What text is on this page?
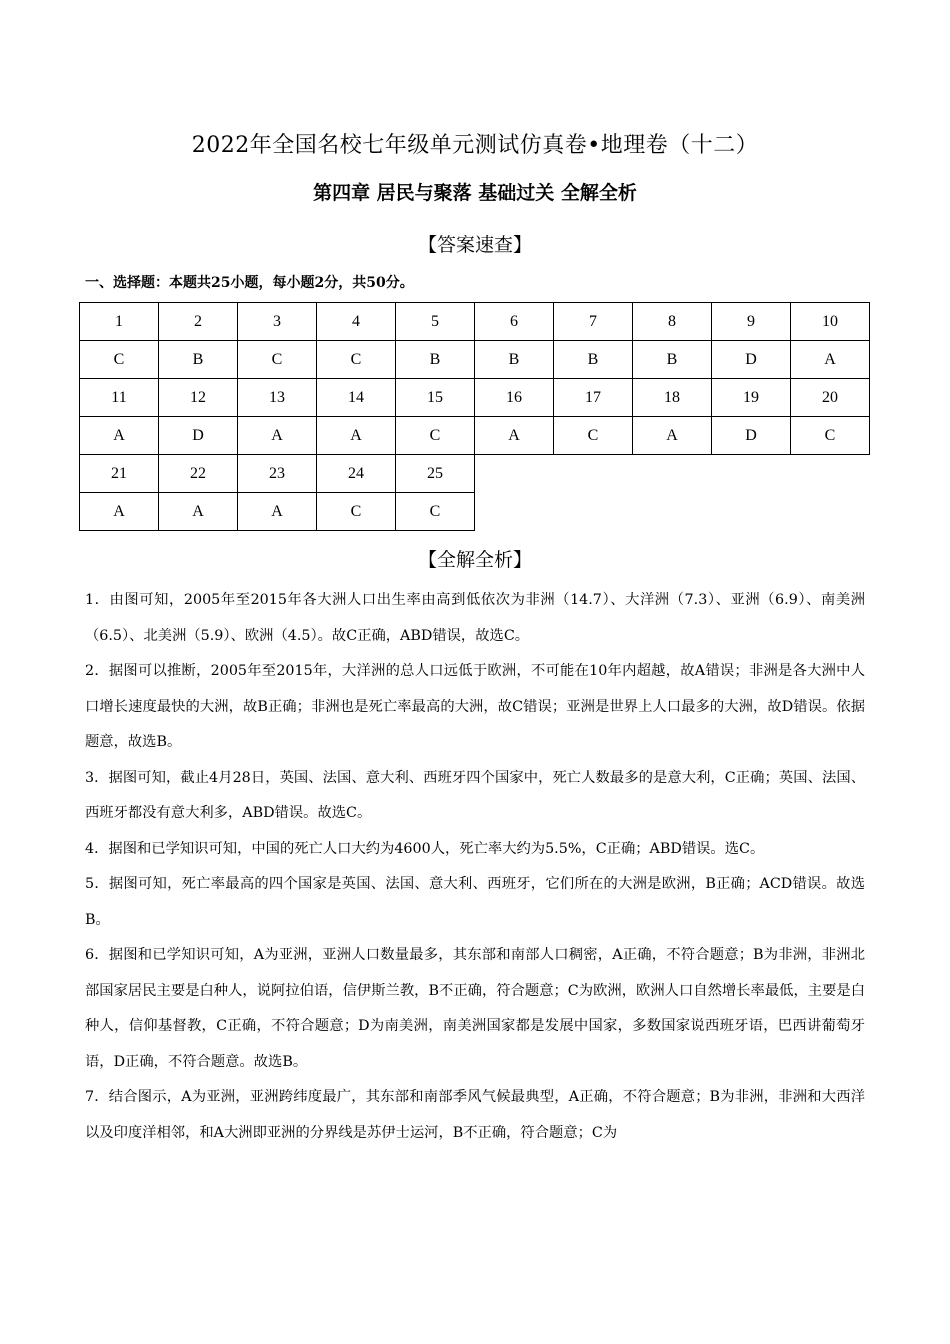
2022年全国名校七年级单元测试仿真卷•地理卷（十二）
第四章 居民与聚落 基础过关 全解全析
【答案速查】
一、选择题：本题共25小题，每小题2分，共50分。
1	2	3	4	5	6	7	8	9	10
C	B	C	C	B	B	B	B	D	A
11	12	13	14	15	16	17	18	19	20
A	D	A	A	C	A	C	A	D	C
21	22	23	24	25					
A	A	A	C	C					
【全解全析】

1．由图可知，2005年至2015年各大洲人口出生率由高到低依次为非洲（14.7）、大洋洲（7.3）、亚洲（6.9）、南美洲（6.5）、北美洲（5.9）、欧洲（4.5）。故C正确，ABD错误，故选C。

2．据图可以推断，2005年至2015年，大洋洲的总人口远低于欧洲，不可能在10年内超越，故A错误；非洲是各大洲中人口增长速度最快的大洲，故B正确；非洲也是死亡率最高的大洲，故C错误；亚洲是世界上人口最多的大洲，故D错误。依据题意，故选B。

3．据图可知，截止4月28日，英国、法国、意大利、西班牙四个国家中，死亡人数最多的是意大利，C正确；英国、法国、西班牙都没有意大利多，ABD错误。故选C。

4．据图和已学知识可知，中国的死亡人口大约为4600人，死亡率大约为5.5%，C正确；ABD错误。选C。

5．据图可知，死亡率最高的四个国家是英国、法国、意大利、西班牙，它们所在的大洲是欧洲，B正确；ACD错误。故选B。

6．据图和已学知识可知，A为亚洲，亚洲人口数量最多，其东部和南部人口稠密，A正确，不符合题意；B为非洲，非洲北部国家居民主要是白种人，说阿拉伯语，信伊斯兰教，B不正确，符合题意；C为欧洲，欧洲人口自然增长率最低，主要是白种人，信仰基督教，C正确，不符合题意；D为南美洲，南美洲国家都是发展中国家，多数国家说西班牙语，巴西讲葡萄牙语，D正确，不符合题意。故选B。

7．结合图示，A为亚洲，亚洲跨纬度最广，其东部和南部季风气候最典型，A正确，不符合题意；B为非洲，非洲和大西洋以及印度洋相邻，和A大洲即亚洲的分界线是苏伊士运河，B不正确，符合题意；C为
